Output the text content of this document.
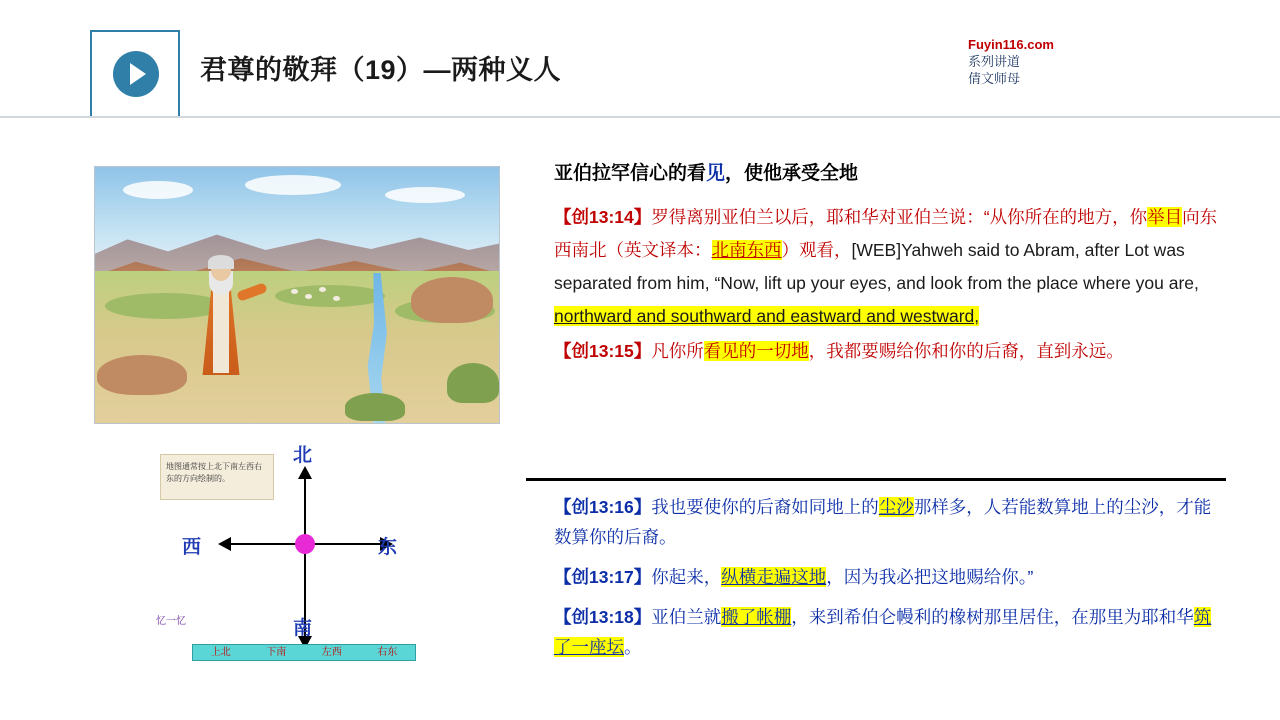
君尊的敬拜（19）—两种义人
Fuyin116.com
系列讲道
倩文师母
地图通常按上北下南左西右东的方向绘制的。
北
南
西	东
忆一忆
上北	下南	左西	右东
亚伯拉罕信心的看见，使他承受全地
【创13:14】罗得离别亚伯兰以后，耶和华对亚伯兰说：“从你所在的地方，你举目向东西南北（英文译本：北南东西）观看，[WEB]Yahweh said to Abram, after Lot was separated from him, “Now, lift up your eyes, and look from the place where you are, northward and southward and eastward and westward,
【创13:15】凡你所看见的一切地，我都要赐给你和你的后裔，直到永远。
【创13:16】我也要使你的后裔如同地上的尘沙那样多，人若能数算地上的尘沙，才能数算你的后裔。
【创13:17】你起来，纵横走遍这地，因为我必把这地赐给你。”
【创13:18】亚伯兰就搬了帐棚，来到希伯仑幔利的橡树那里居住，在那里为耶和华筑了一座坛。
